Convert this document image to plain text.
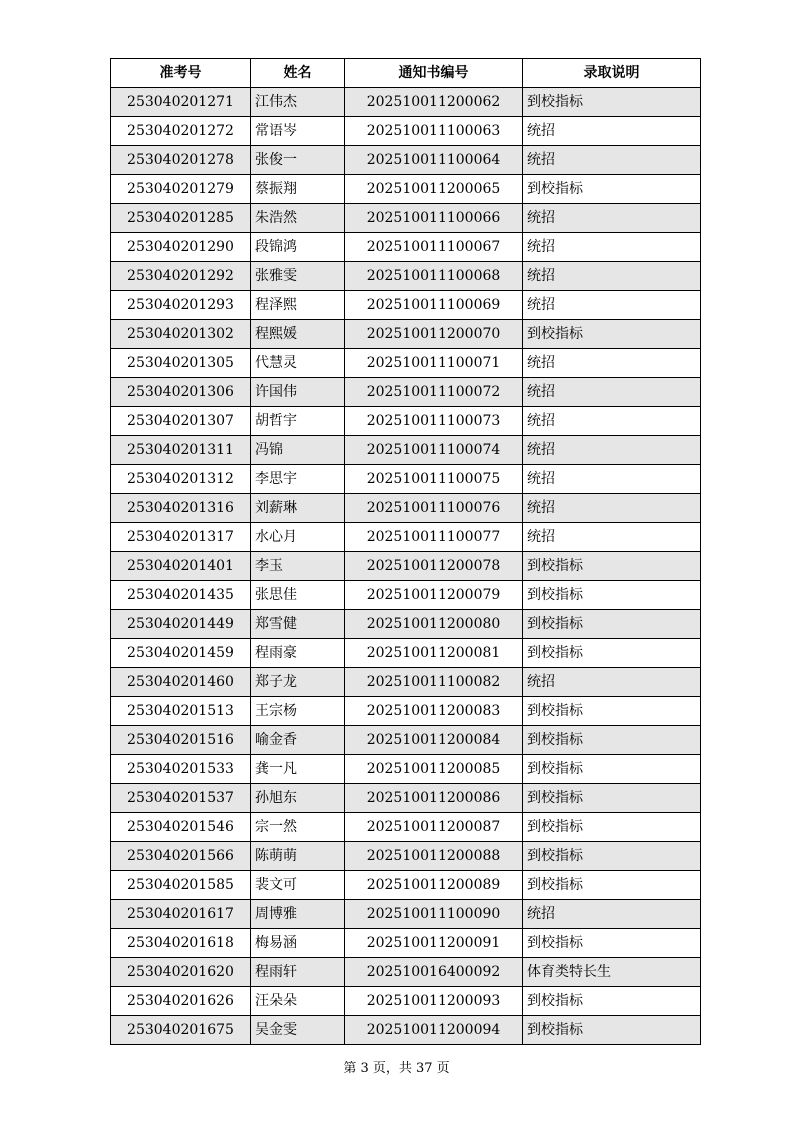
准考号	姓名	通知书编号	录取说明
253040201271	江伟杰	202510011200062	到校指标
253040201272	常语岑	202510011100063	统招
253040201278	张俊一	202510011100064	统招
253040201279	蔡振翔	202510011200065	到校指标
253040201285	朱浩然	202510011100066	统招
253040201290	段锦鸿	202510011100067	统招
253040201292	张雅雯	202510011100068	统招
253040201293	程泽熙	202510011100069	统招
253040201302	程熙媛	202510011200070	到校指标
253040201305	代慧灵	202510011100071	统招
253040201306	许国伟	202510011100072	统招
253040201307	胡哲宇	202510011100073	统招
253040201311	冯锦	202510011100074	统招
253040201312	李思宇	202510011100075	统招
253040201316	刘薪琳	202510011100076	统招
253040201317	水心月	202510011100077	统招
253040201401	李玉	202510011200078	到校指标
253040201435	张思佳	202510011200079	到校指标
253040201449	郑雪健	202510011200080	到校指标
253040201459	程雨豪	202510011200081	到校指标
253040201460	郑子龙	202510011100082	统招
253040201513	王宗杨	202510011200083	到校指标
253040201516	喻金香	202510011200084	到校指标
253040201533	龚一凡	202510011200085	到校指标
253040201537	孙旭东	202510011200086	到校指标
253040201546	宗一然	202510011200087	到校指标
253040201566	陈萌萌	202510011200088	到校指标
253040201585	裴文可	202510011200089	到校指标
253040201617	周博雅	202510011100090	统招
253040201618	梅易涵	202510011200091	到校指标
253040201620	程雨轩	202510016400092	体育类特长生
253040201626	汪朵朵	202510011200093	到校指标
253040201675	吴金雯	202510011200094	到校指标
第 3 页，共 37 页
